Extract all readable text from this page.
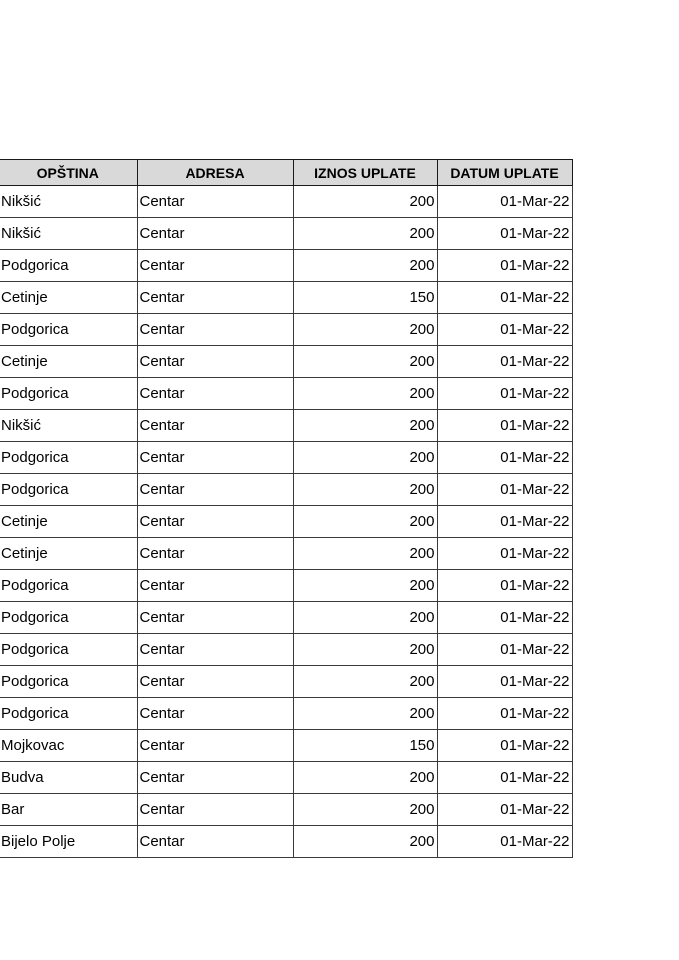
OPŠTINA	ADRESA	IZNOS UPLATE	DATUM UPLATE
Nikšić	Centar	200	01-Mar-22
Nikšić	Centar	200	01-Mar-22
Podgorica	Centar	200	01-Mar-22
Cetinje	Centar	150	01-Mar-22
Podgorica	Centar	200	01-Mar-22
Cetinje	Centar	200	01-Mar-22
Podgorica	Centar	200	01-Mar-22
Nikšić	Centar	200	01-Mar-22
Podgorica	Centar	200	01-Mar-22
Podgorica	Centar	200	01-Mar-22
Cetinje	Centar	200	01-Mar-22
Cetinje	Centar	200	01-Mar-22
Podgorica	Centar	200	01-Mar-22
Podgorica	Centar	200	01-Mar-22
Podgorica	Centar	200	01-Mar-22
Podgorica	Centar	200	01-Mar-22
Podgorica	Centar	200	01-Mar-22
Mojkovac	Centar	150	01-Mar-22
Budva	Centar	200	01-Mar-22
Bar	Centar	200	01-Mar-22
Bijelo Polje	Centar	200	01-Mar-22
